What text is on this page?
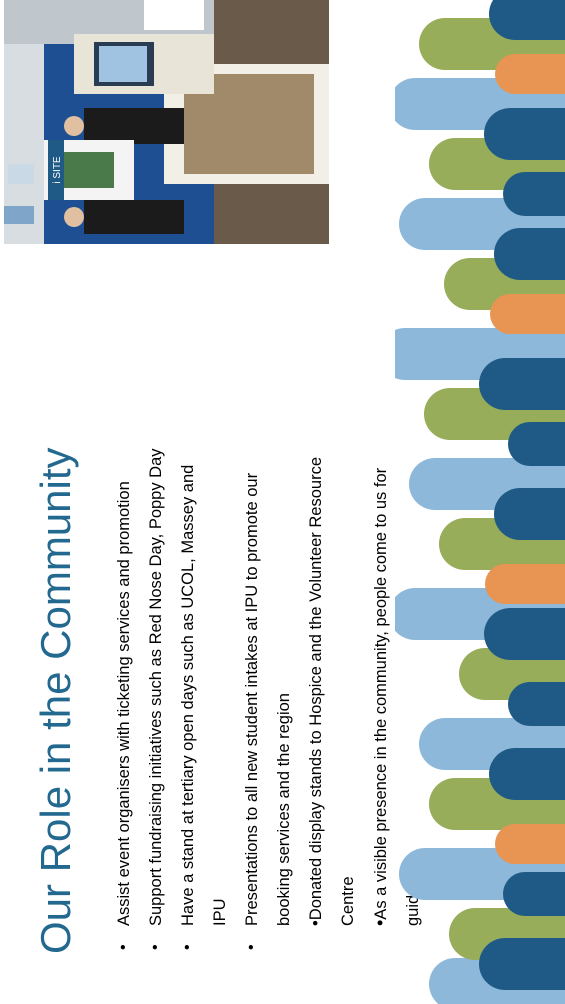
Our Role in the Community	•
Assist event organisers with ticketing services and promotion
•
Support fundraising initiatives such as Red Nose Day, Poppy Day
•
Have a stand at tertiary open days such as UCOL, Massey and IPU
•
Presentations to all new student intakes at IPU to promote our booking services and the region •Donated display stands to Hospice and the Volunteer Resource Centre •As a visible presence in the community, people come to us for guidance
i SITE
